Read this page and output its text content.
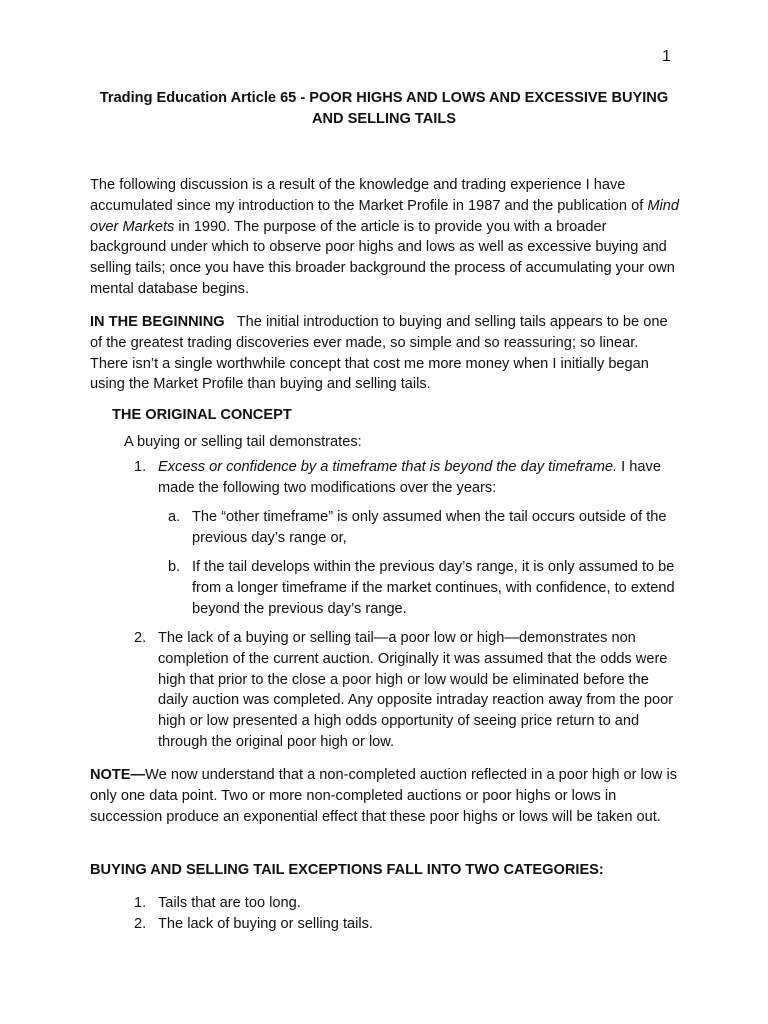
1
Trading Education Article 65 - POOR HIGHS AND LOWS AND EXCESSIVE BUYING AND SELLING TAILS
The following discussion is a result of the knowledge and trading experience I have accumulated since my introduction to the Market Profile in 1987 and the publication of Mind over Markets in 1990. The purpose of the article is to provide you with a broader background under which to observe poor highs and lows as well as excessive buying and selling tails; once you have this broader background the process of accumulating your own mental database begins.
IN THE BEGINNING The initial introduction to buying and selling tails appears to be one of the greatest trading discoveries ever made, so simple and so reassuring; so linear. There isn’t a single worthwhile concept that cost me more money when I initially began using the Market Profile than buying and selling tails.
THE ORIGINAL CONCEPT
A buying or selling tail demonstrates:
1. Excess or confidence by a timeframe that is beyond the day timeframe. I have made the following two modifications over the years:
a. The “other timeframe” is only assumed when the tail occurs outside of the previous day’s range or,
b. If the tail develops within the previous day’s range, it is only assumed to be from a longer timeframe if the market continues, with confidence, to extend beyond the previous day’s range.
2. The lack of a buying or selling tail—a poor low or high—demonstrates non completion of the current auction. Originally it was assumed that the odds were high that prior to the close a poor high or low would be eliminated before the daily auction was completed. Any opposite intraday reaction away from the poor high or low presented a high odds opportunity of seeing price return to and through the original poor high or low.
NOTE—We now understand that a non-completed auction reflected in a poor high or low is only one data point. Two or more non-completed auctions or poor highs or lows in succession produce an exponential effect that these poor highs or lows will be taken out.
BUYING AND SELLING TAIL EXCEPTIONS FALL INTO TWO CATEGORIES:
1. Tails that are too long.
2. The lack of buying or selling tails.
